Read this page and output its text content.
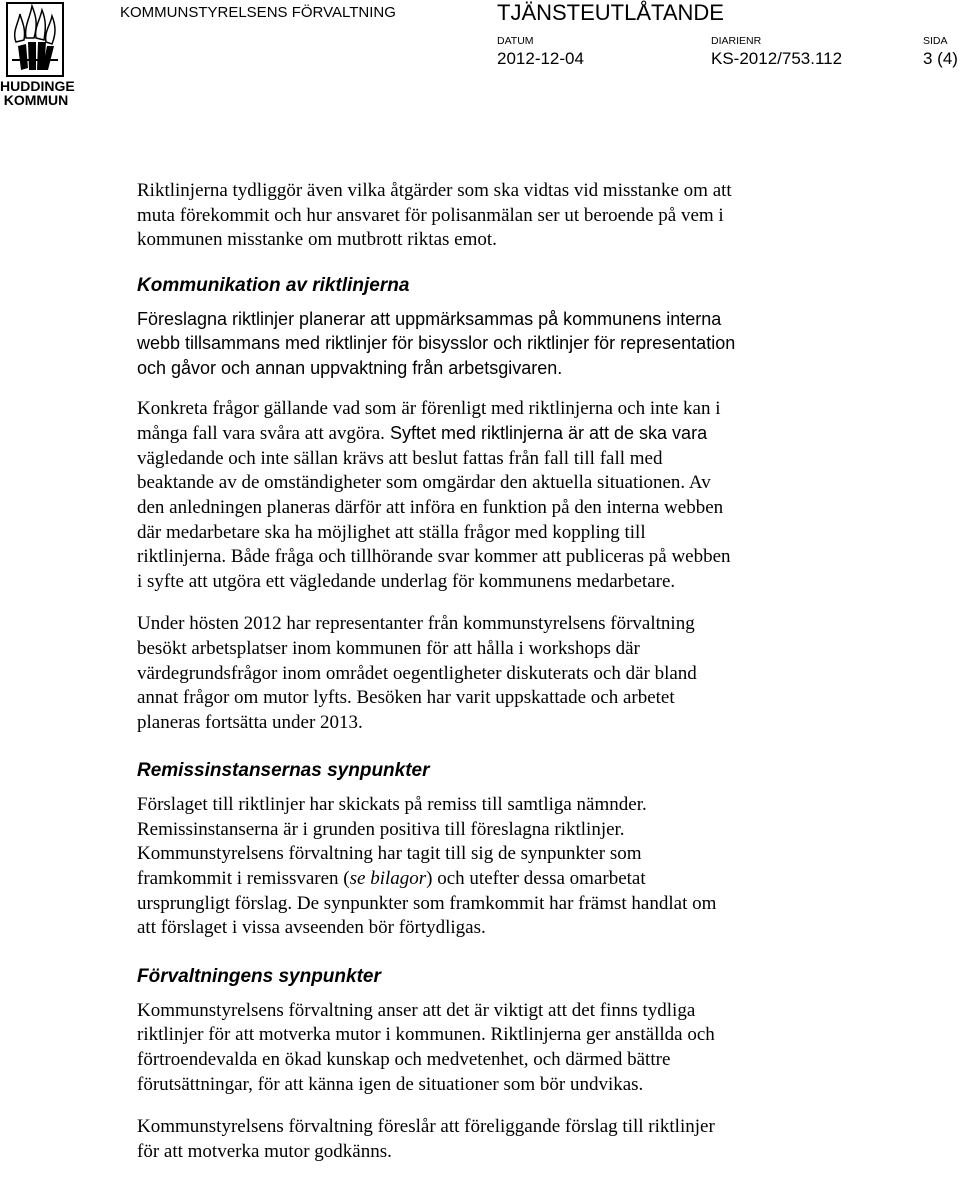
HUDDINGE
KOMMUN
KOMMUNSTYRELSENS FÖRVALTNING	TJÄNSTEUTLÅTANDE
DATUM	DIARIENR	SIDA
2012-12-04	KS-2012/753.112	3 (4)

Riktlinjerna tydliggör även vilka åtgärder som ska vidtas vid misstanke om att
muta förekommit och hur ansvaret för polisanmälan ser ut beroende på vem i
kommunen misstanke om mutbrott riktas emot.

Kommunikation av riktlinjerna

Föreslagna riktlinjer planerar att uppmärksammas på kommunens interna
webb tillsammans med riktlinjer för bisysslor och riktlinjer för representation
och gåvor och annan uppvaktning från arbetsgivaren.

Konkreta frågor gällande vad som är förenligt med riktlinjerna och inte kan i
många fall vara svåra att avgöra. Syftet med riktlinjerna är att de ska vara
vägledande och inte sällan krävs att beslut fattas från fall till fall med
beaktande av de omständigheter som omgärdar den aktuella situationen. Av
den anledningen planeras därför att införa en funktion på den interna webben
där medarbetare ska ha möjlighet att ställa frågor med koppling till
riktlinjerna. Både fråga och tillhörande svar kommer att publiceras på webben
i syfte att utgöra ett vägledande underlag för kommunens medarbetare.

Under hösten 2012 har representanter från kommunstyrelsens förvaltning
besökt arbetsplatser inom kommunen för att hålla i workshops där
värdegrundsfrågor inom området oegentligheter diskuterats och där bland
annat frågor om mutor lyfts. Besöken har varit uppskattade och arbetet
planeras fortsätta under 2013.

Remissinstansernas synpunkter

Förslaget till riktlinjer har skickats på remiss till samtliga nämnder.
Remissinstanserna är i grunden positiva till föreslagna riktlinjer.
Kommunstyrelsens förvaltning har tagit till sig de synpunkter som
framkommit i remissvaren (se bilagor) och utefter dessa omarbetat
ursprungligt förslag. De synpunkter som framkommit har främst handlat om
att förslaget i vissa avseenden bör förtydligas.

Förvaltningens synpunkter

Kommunstyrelsens förvaltning anser att det är viktigt att det finns tydliga
riktlinjer för att motverka mutor i kommunen. Riktlinjerna ger anställda och
förtroendevalda en ökad kunskap och medvetenhet, och därmed bättre
förutsättningar, för att känna igen de situationer som bör undvikas.

Kommunstyrelsens förvaltning föreslår att föreliggande förslag till riktlinjer
för att motverka mutor godkänns.
